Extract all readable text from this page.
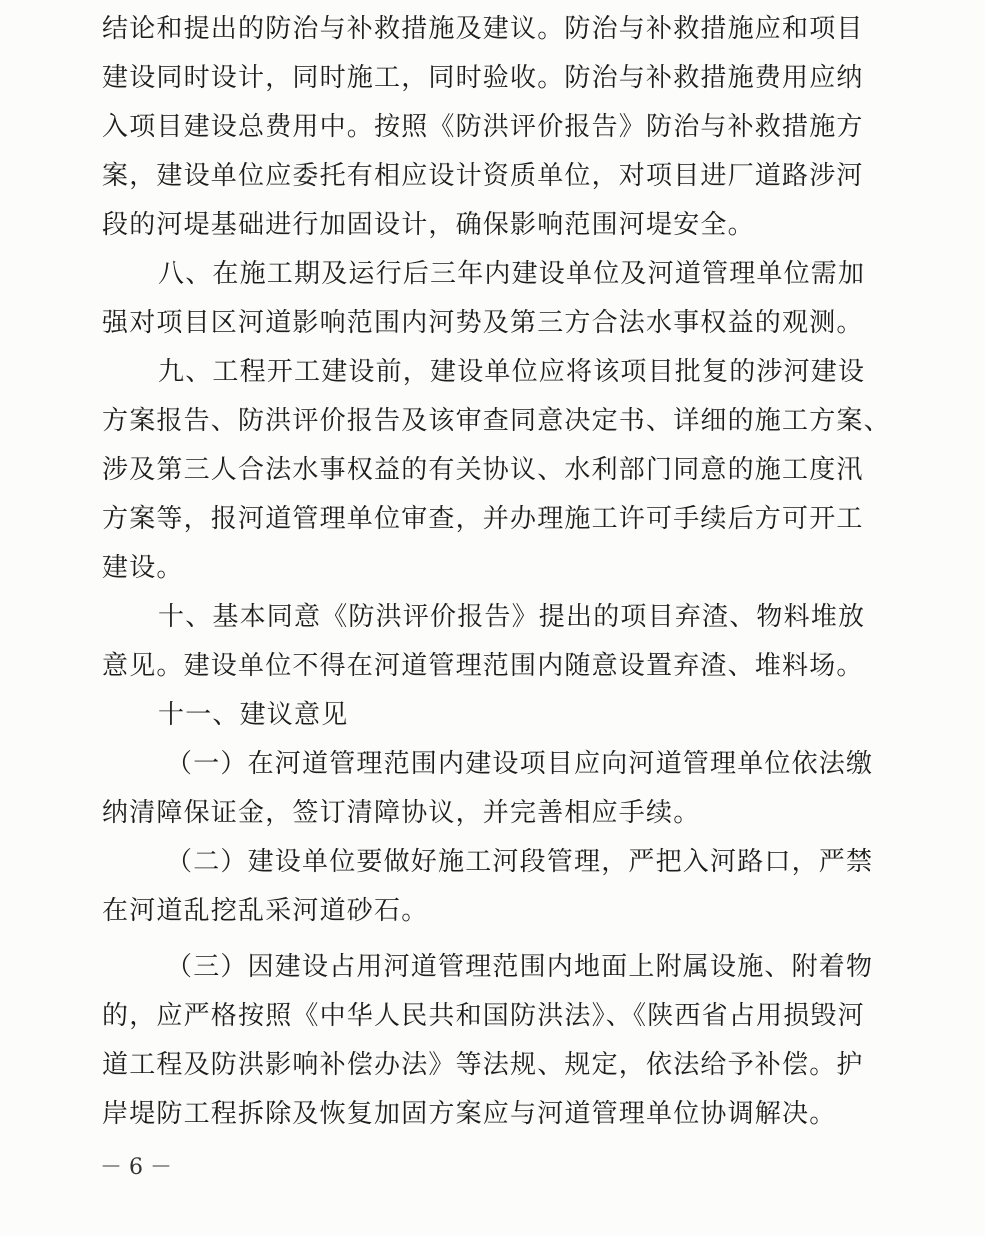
结论和提出的防治与补救措施及建议。防治与补救措施应和项目
建设同时设计，同时施工，同时验收。防治与补救措施费用应纳
入项目建设总费用中。按照《防洪评价报告》防治与补救措施方
案，建设单位应委托有相应设计资质单位，对项目进厂道路涉河
段的河堤基础进行加固设计，确保影响范围河堤安全。
八、在施工期及运行后三年内建设单位及河道管理单位需加
强对项目区河道影响范围内河势及第三方合法水事权益的观测。
九、工程开工建设前，建设单位应将该项目批复的涉河建设
方案报告、防洪评价报告及该审查同意决定书、详细的施工方案、
涉及第三人合法水事权益的有关协议、水利部门同意的施工度汛
方案等，报河道管理单位审查，并办理施工许可手续后方可开工
建设。
十、基本同意《防洪评价报告》提出的项目弃渣、物料堆放
意见。建设单位不得在河道管理范围内随意设置弃渣、堆料场。
十一、建议意见
（一）在河道管理范围内建设项目应向河道管理单位依法缴
纳清障保证金，签订清障协议，并完善相应手续。
（二）建设单位要做好施工河段管理，严把入河路口，严禁
在河道乱挖乱采河道砂石。
（三）因建设占用河道管理范围内地面上附属设施、附着物
的，应严格按照《中华人民共和国防洪法》、《陕西省占用损毁河
道工程及防洪影响补偿办法》等法规、规定，依法给予补偿。护
岸堤防工程拆除及恢复加固方案应与河道管理单位协调解决。
－ 6 －
